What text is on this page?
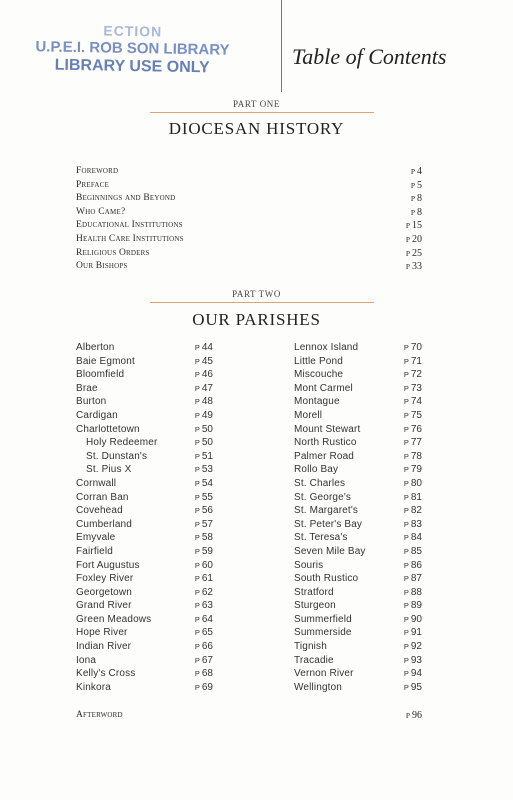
ECTION
U.P.E.I. ROB SON LIBRARY
LIBRARY USE ONLY	Table of Contents
PART ONE
DIOCESAN HISTORY
Foreword	P 4
Preface	P 5
Beginnings and Beyond	P 8
Who Came?	P 8
Educational Institutions	P 15
Health Care Institutions	P 20
Religious Orders	P 25
Our Bishops	P 33
PART TWO
OUR PARISHES
Alberton	P 44
Baie Egmont	P 45
Bloomfield	P 46
Brae	P 47
Burton	P 48
Cardigan	P 49
Charlottetown	P 50
Holy Redeemer	P 50
St. Dunstan's	P 51
St. Pius X	P 53
Cornwall	P 54
Corran Ban	P 55
Covehead	P 56
Cumberland	P 57
Emyvale	P 58
Fairfield	P 59
Fort Augustus	P 60
Foxley River	P 61
Georgetown	P 62
Grand River	P 63
Green Meadows	P 64
Hope River	P 65
Indian River	P 66
Iona	P 67
Kelly's Cross	P 68
Kinkora	P 69
Lennox Island	P 70
Little Pond	P 71
Miscouche	P 72
Mont Carmel	P 73
Montague	P 74
Morell	P 75
Mount Stewart	P 76
North Rustico	P 77
Palmer Road	P 78
Rollo Bay	P 79
St. Charles	P 80
St. George's	P 81
St. Margaret's	P 82
St. Peter's Bay	P 83
St. Teresa's	P 84
Seven Mile Bay	P 85
Souris	P 86
South Rustico	P 87
Stratford	P 88
Sturgeon	P 89
Summerfield	P 90
Summerside	P 91
Tignish	P 92
Tracadie	P 93
Vernon River	P 94
Wellington	P 95
Afterword	P 96
